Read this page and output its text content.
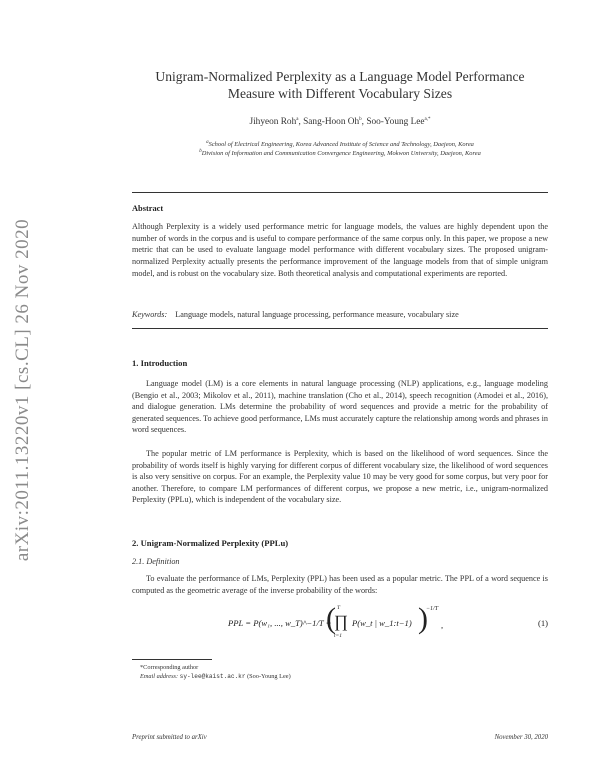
arXiv:2011.13220v1 [cs.CL] 26 Nov 2020
Unigram-Normalized Perplexity as a Language Model Performance Measure with Different Vocabulary Sizes
Jihyeon Roh$^a$, Sang-Hoon Oh$^b$, Soo-Young Lee$^{a,*}$
$^a$School of Electrical Engineering, Korea Advanced Institute of Science and Technology, Daejeon, Korea
$^b$Division of Information and Communication Convergence Engineering, Mokwon University, Daejeon, Korea
Abstract
Although Perplexity is a widely used performance metric for language models, the values are highly dependent upon the number of words in the corpus and is useful to compare performance of the same corpus only. In this paper, we propose a new metric that can be used to evaluate language model performance with different vocabulary sizes. The proposed unigram-normalized Perplexity actually presents the performance improvement of the language models from that of simple unigram model, and is robust on the vocabulary size. Both theoretical analysis and computational experiments are reported.
Keywords: Language models, natural language processing, performance measure, vocabulary size
1. Introduction

Language model (LM) is a core elements in natural language processing (NLP) applications, e.g., language modeling (Bengio et al., 2003; Mikolov et al., 2011), machine translation (Cho et al., 2014), speech recognition (Amodei et al., 2016), and dialogue generation. LMs determine the probability of word sequences and provide a metric for the probability of generated sequences. To achieve good performance, LMs must accurately capture the relationship among words and phrases in word sequences.

The popular metric of LM performance is Perplexity, which is based on the likelihood of word sequences. Since the probability of words itself is highly varying for different corpus of different vocabulary size, the likelihood of word sequences is also very sensitive on corpus. For an example, the Perplexity value 10 may be very good for some corpus, but very poor for another. Therefore, to compare LM performances of different corpus, we propose a new metric, i.e., unigram-normalized Perplexity (PPLu), which is independent of the vocabulary size.

2. Unigram-Normalized Perplexity (PPLu)
2.1. Definition

To evaluate the performance of LMs, Perplexity (PPL) has been used as a popular metric. The PPL of a word sequence is computed as the geometric average of the inverse probability of the words:

PPL = P(w₁, ..., w_T)^−1/T =
( T
∏
t=1
P(w_t | w_1:t−1) )
−1/T
,	(1)
*Corresponding author
Email address: sy-lee@kaist.ac.kr (Soo-Young Lee)
Preprint submitted to arXiv	November 30, 2020
